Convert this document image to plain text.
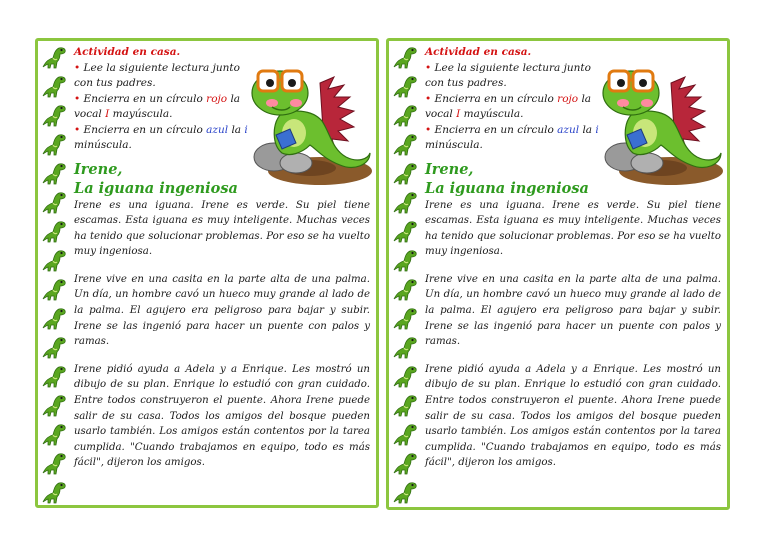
Actividad en casa.
• Lee la siguiente lectura junto con tus padres.
• Encierra en un círculo rojo la vocal I mayúscula.
• Encierra en un círculo azul la i minúscula.
Irene,
La iguana ingeniosa

Irene es una iguana. Irene es verde. Su piel tiene escamas. Esta iguana es muy inteligente. Muchas veces ha tenido que solucionar problemas. Por eso se ha vuelto muy ingeniosa.

Irene vive en una casita en la parte alta de una palma. Un día, un hombre cavó un hueco muy grande al lado de la palma. El agujero era peligroso para bajar y subir. Irene se las ingenió para hacer un puente con palos y ramas.

Irene pidió ayuda a Adela y a Enrique. Les mostró un dibujo de su plan. Enrique lo estudió con gran cuidado. Entre todos construyeron el puente. Ahora Irene puede salir de su casa. Todos los amigos del bosque pueden usarlo también. Los amigos están contentos por la tarea cumplida. "Cuando trabajamos en equipo, todo es más fácil", dijeron los amigos.

Actividad en casa.
• Lee la siguiente lectura junto con tus padres.
• Encierra en un círculo rojo la vocal I mayúscula.
• Encierra en un círculo azul la i minúscula.
Irene,
La iguana ingeniosa

Irene es una iguana. Irene es verde. Su piel tiene escamas. Esta iguana es muy inteligente. Muchas veces ha tenido que solucionar problemas. Por eso se ha vuelto muy ingeniosa.

Irene vive en una casita en la parte alta de una palma. Un día, un hombre cavó un hueco muy grande al lado de la palma. El agujero era peligroso para bajar y subir. Irene se las ingenió para hacer un puente con palos y ramas.

Irene pidió ayuda a Adela y a Enrique. Les mostró un dibujo de su plan. Enrique lo estudió con gran cuidado. Entre todos construyeron el puente. Ahora Irene puede salir de su casa. Todos los amigos del bosque pueden usarlo también. Los amigos están contentos por la tarea cumplida. "Cuando trabajamos en equipo, todo es más fácil", dijeron los amigos.
